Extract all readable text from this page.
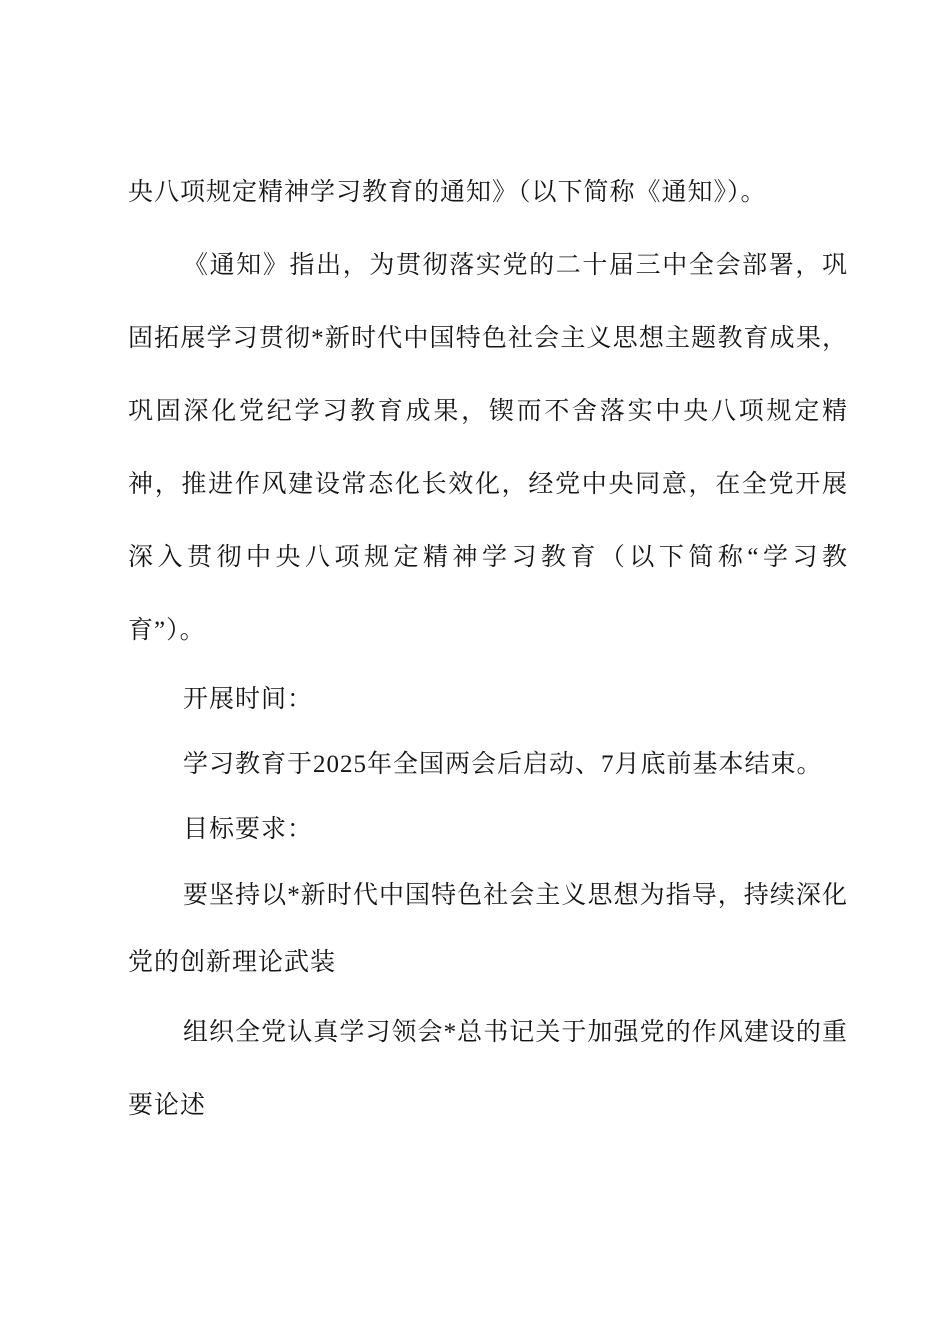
央八项规定精神学习教育的通知》（以下简称《通知》）。
《通知》指出，为贯彻落实党的二十届三中全会部署，巩
固拓展学习贯彻*新时代中国特色社会主义思想主题教育成果，
巩固深化党纪学习教育成果，锲而不舍落实中央八项规定精
神，推进作风建设常态化长效化，经党中央同意，在全党开展
深入贯彻中央八项规定精神学习教育（以下简称“学习教
育”）。
开展时间：
学习教育于2025年全国两会后启动、7月底前基本结束。
目标要求：
要坚持以*新时代中国特色社会主义思想为指导，持续深化
党的创新理论武装
组织全党认真学习领会*总书记关于加强党的作风建设的重
要论述
